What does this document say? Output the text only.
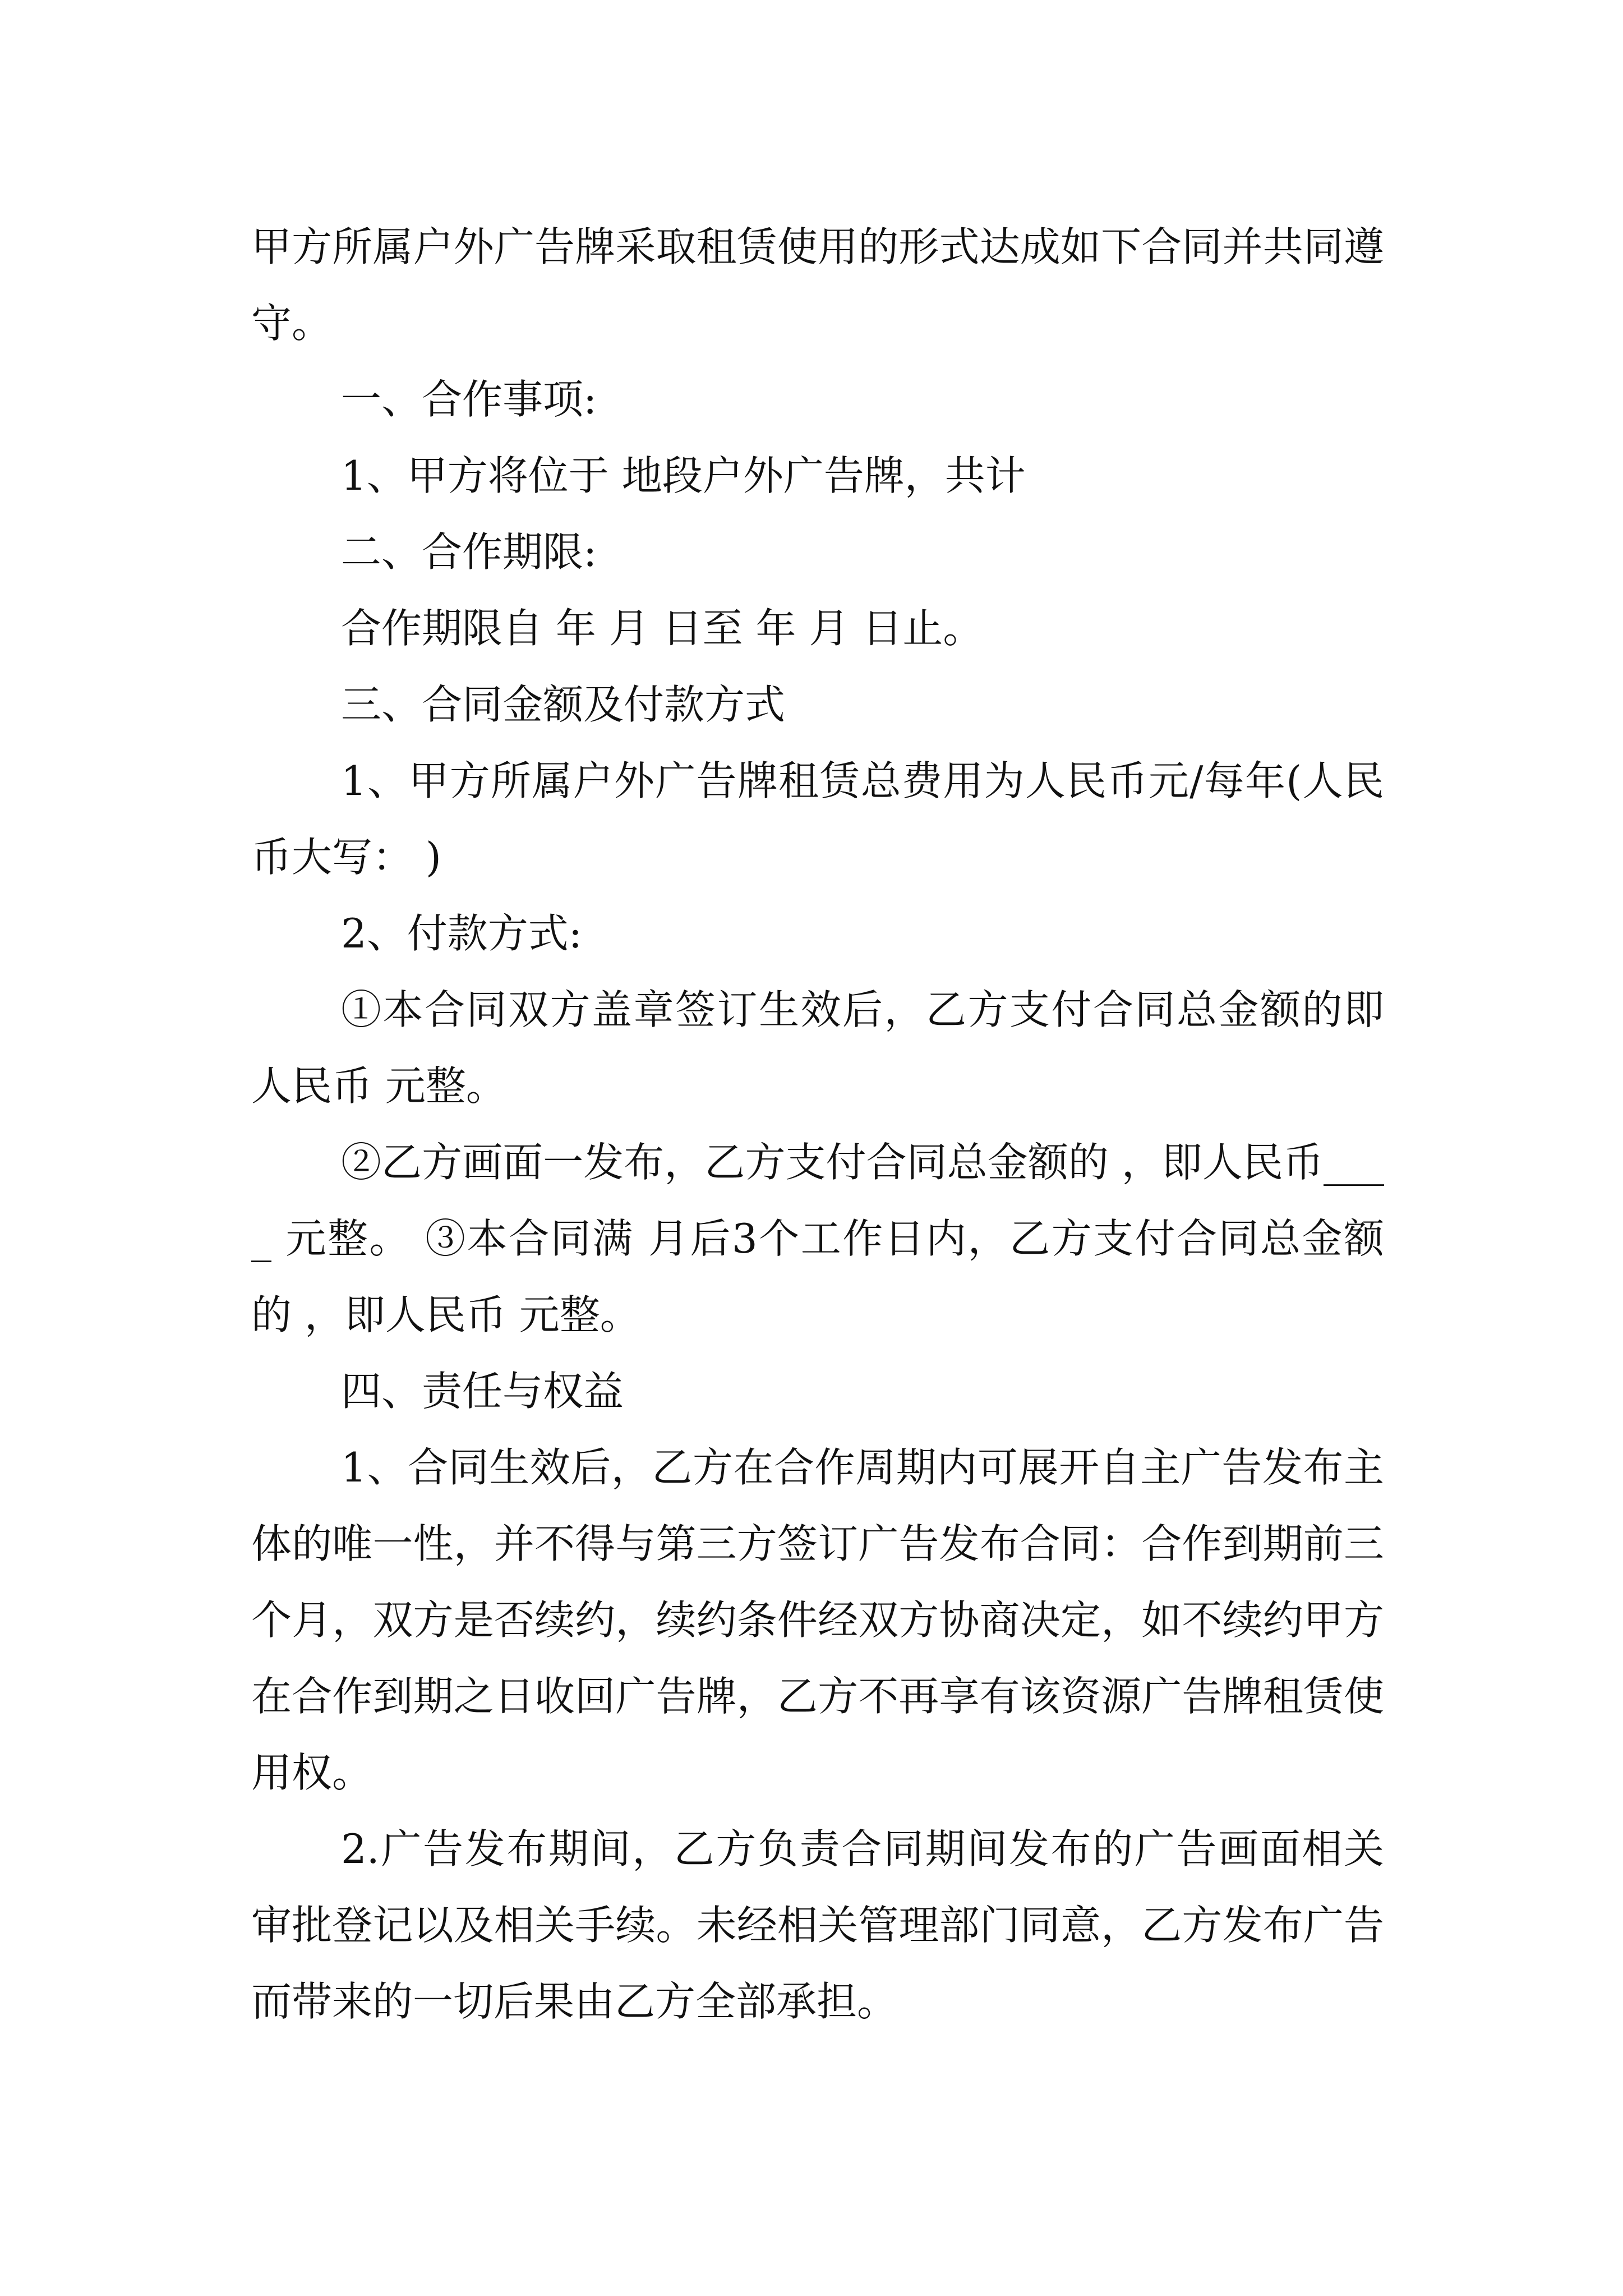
甲方所属户外广告牌采取租赁使用的形式达成如下合同并共同遵守。

一、合作事项:

1、甲方将位于 地段户外广告牌，共计

二、合作期限:

合作期限自 年 月 日至 年 月 日止。

三、合同金额及付款方式

1、甲方所属户外广告牌租赁总费用为人民币元/每年(人民币大写： )

2、付款方式:

①本合同双方盖章签订生效后，乙方支付合同总金额的即人民币 元整。

②乙方画面一发布，乙方支付合同总金额的 ，即人民币___ _ 元整。 ③本合同满 月后3个工作日内，乙方支付合同总金额的 ，即人民币 元整。

四、责任与权益

1、合同生效后，乙方在合作周期内可展开自主广告发布主体的唯一性，并不得与第三方签订广告发布合同：合作到期前三个月，双方是否续约，续约条件经双方协商决定，如不续约甲方在合作到期之日收回广告牌，乙方不再享有该资源广告牌租赁使用权。

2.广告发布期间，乙方负责合同期间发布的广告画面相关审批登记以及相关手续。未经相关管理部门同意，乙方发布广告而带来的一切后果由乙方全部承担。
